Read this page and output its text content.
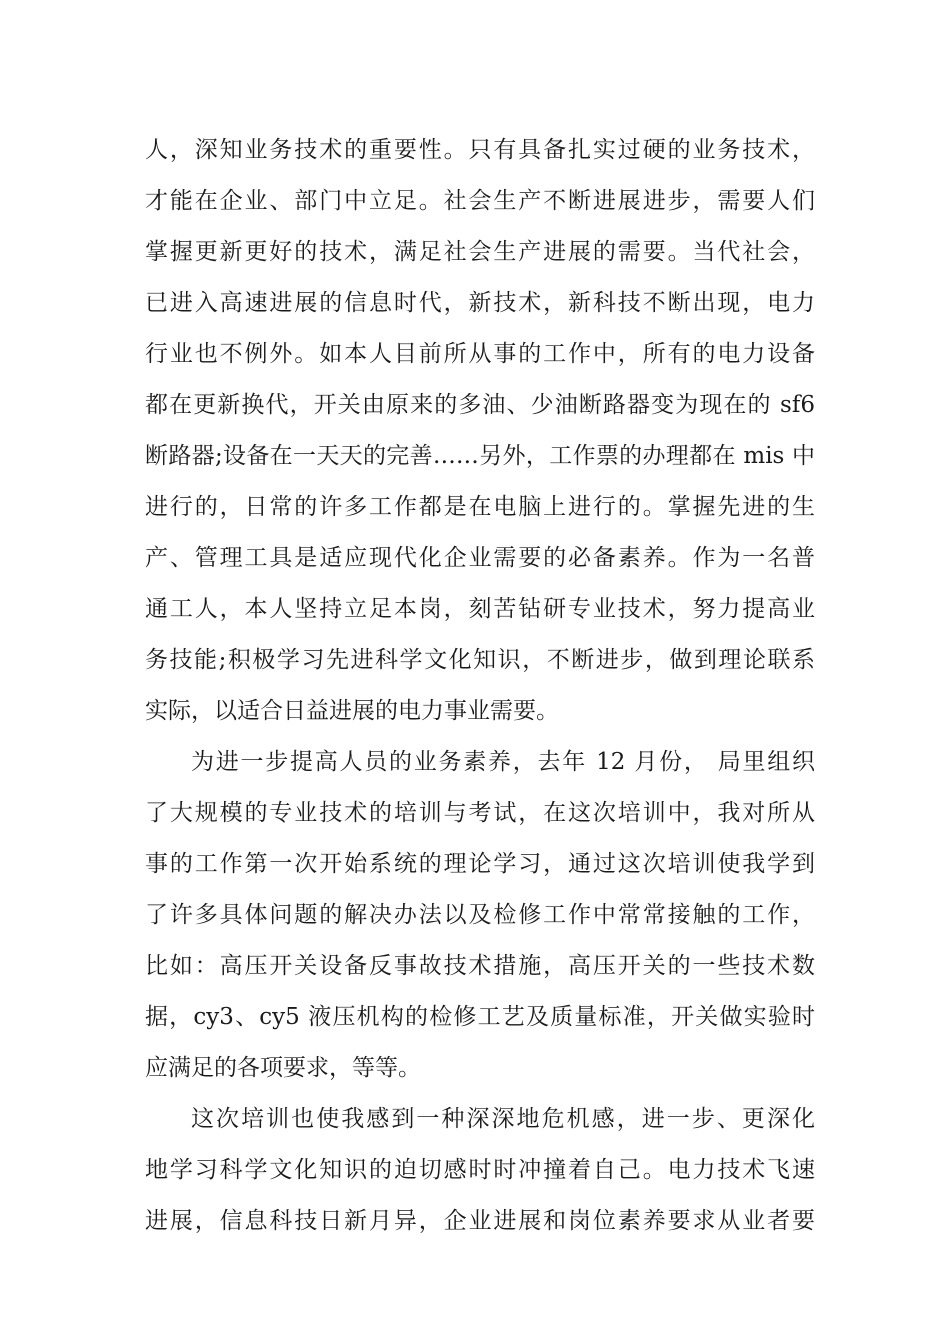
人，深知业务技术的重要性。只有具备扎实过硬的业务技术，
才能在企业、部门中立足。社会生产不断进展进步，需要人们
掌握更新更好的技术，满足社会生产进展的需要。当代社会，
已进入高速进展的信息时代，新技术，新科技不断出现，电力
行业也不例外。如本人目前所从事的工作中，所有的电力设备
都在更新换代，开关由原来的多油、少油断路器变为现在的 sf6
断路器;设备在一天天的完善……另外，工作票的办理都在 mis 中
进行的，日常的许多工作都是在电脑上进行的。掌握先进的生
产、管理工具是适应现代化企业需要的必备素养。作为一名普
通工人，本人坚持立足本岗，刻苦钻研专业技术，努力提高业
务技能;积极学习先进科学文化知识，不断进步，做到理论联系
实际，以适合日益进展的电力事业需要。
为进一步提高人员的业务素养，去年 12 月份， 局里组织
了大规模的专业技术的培训与考试，在这次培训中，我对所从
事的工作第一次开始系统的理论学习，通过这次培训使我学到
了许多具体问题的解决办法以及检修工作中常常接触的工作，
比如：高压开关设备反事故技术措施，高压开关的一些技术数
据，cy3、cy5 液压机构的检修工艺及质量标准，开关做实验时
应满足的各项要求，等等。
这次培训也使我感到一种深深地危机感，进一步、更深化
地学习科学文化知识的迫切感时时冲撞着自己。电力技术飞速
进展，信息科技日新月异，企业进展和岗位素养要求从业者要
